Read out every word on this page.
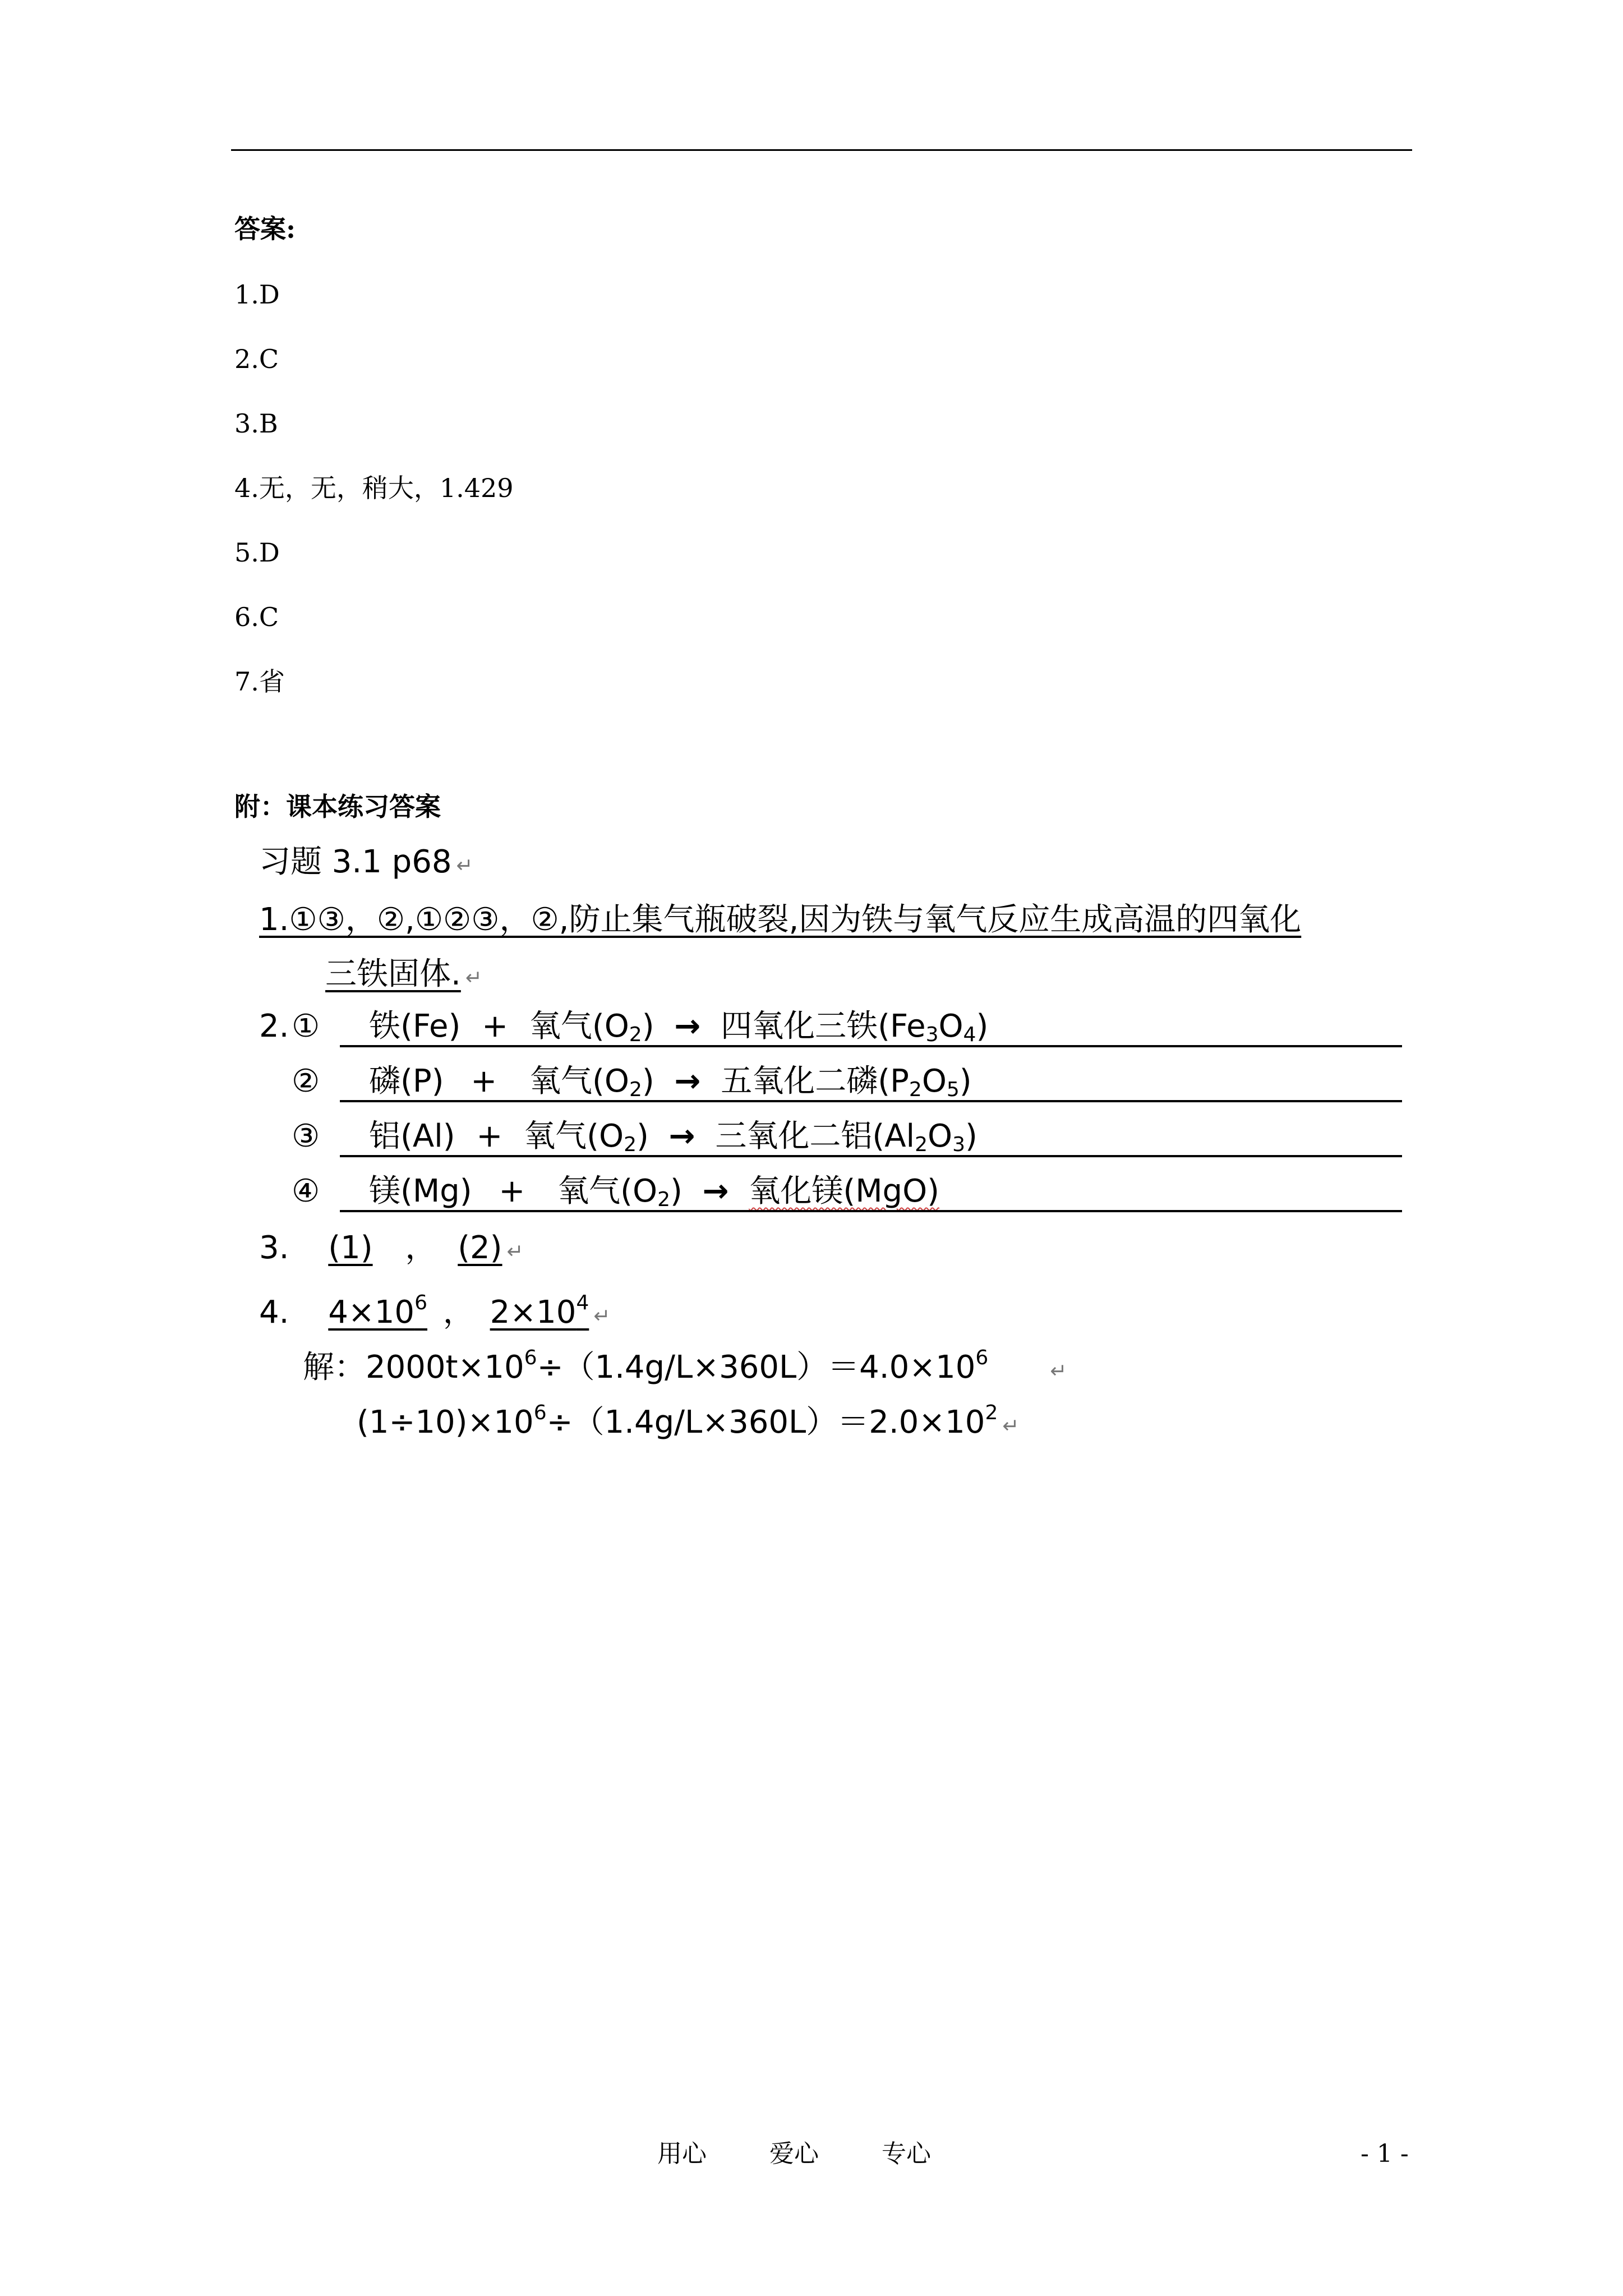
答案:
1.D
2.C
3.B
4.无，无，稍大，1.429
5.D
6.C
7.省
附：课本练习答案
习题 3.1 p68 ↵
1.①③，②,①②③，②,防止集气瓶破裂,因为铁与氧气反应生成高温的四氧化
三铁固体. ↵
2. ① 铁(Fe) + 氧气$(O_2)$ → 四氧化三铁$(Fe_3O_4)$
② 磷(P) + 氧气$(O_2)$ → 五氧化二磷$(P_2O_5)$
③ 铝(Al) + 氧气$(O_2)$ → 三氧化二铝$(Al_2O_3)$
④ 镁(Mg) + 氧气$(O_2)$ → 氧化镁(MgO)
3. (1) ， (2) ↵
4. $4\times 10^6$ ， $2\times 10^4↵$
解：$2000t\times 10^6\div(1.4g/L\times 360L)=4.0\times 10^6↵$
$(1\div 10)\times 10^6\div(1.4g/L\times 360L)=2.0\times 10^2↵$
用心	爱心	专心	- 1 -
